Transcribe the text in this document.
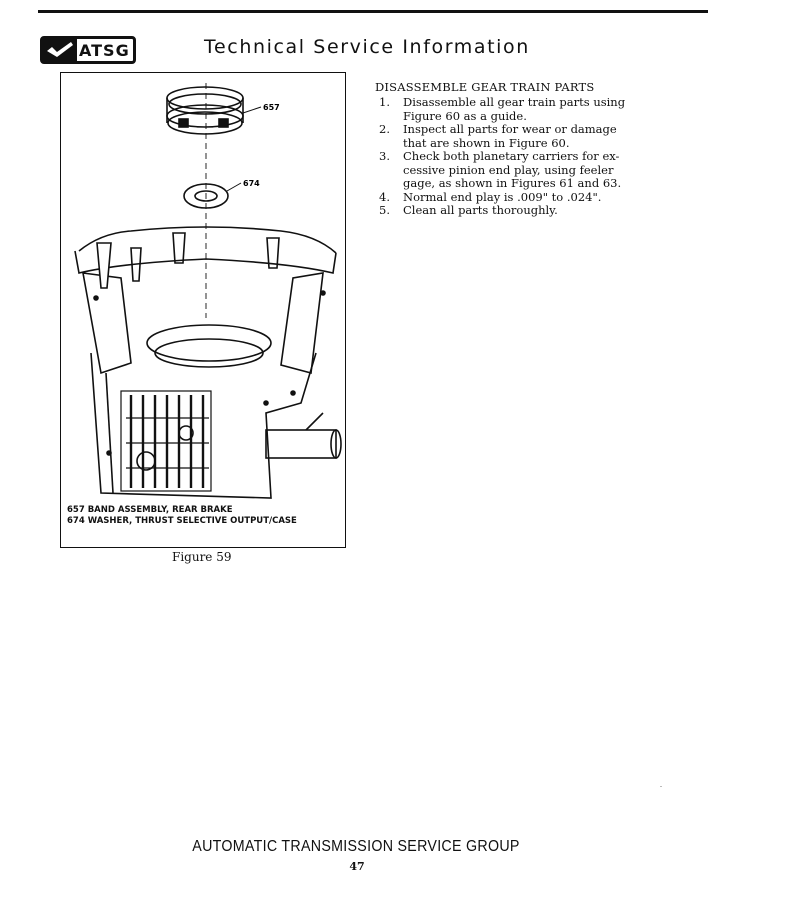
ATSG	Technical Service Information
657
674
657 BAND ASSEMBLY, REAR BRAKE
674 WASHER, THRUST SELECTIVE OUTPUT/CASE
Figure 59
DISASSEMBLE GEAR TRAIN PARTS
1. Disassemble all gear train parts using
Figure 60 as a guide.
2. Inspect all parts for wear or damage
that are shown in Figure 60.
3. Check both planetary carriers for ex-
cessive pinion end play, using feeler
gage, as shown in Figures 61 and 63.
4. Normal end play is .009" to .024".
5. Clean all parts thoroughly.
AUTOMATIC TRANSMISSION SERVICE GROUP
47
